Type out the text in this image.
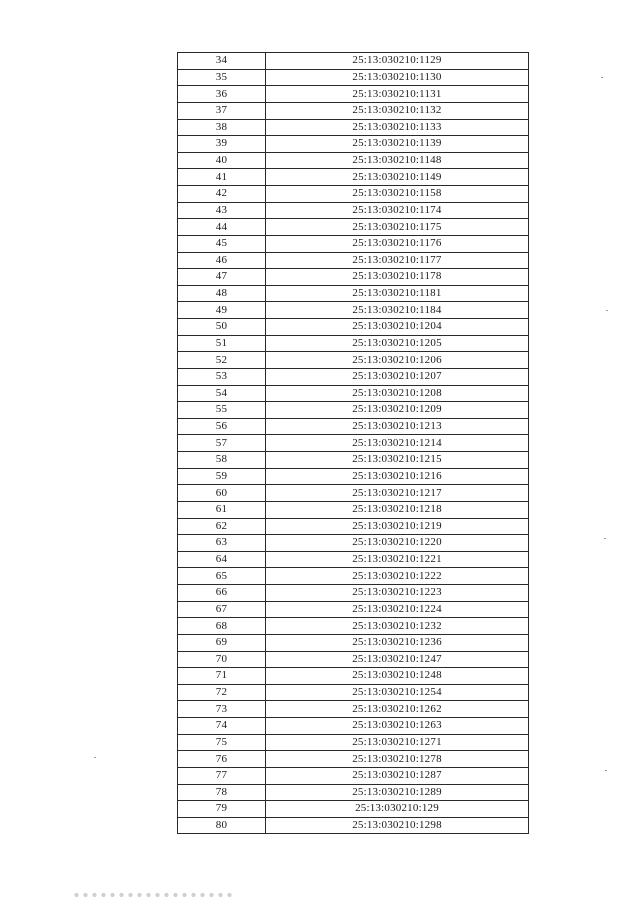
34	25:13:030210:1129
35	25:13:030210:1130
36	25:13:030210:1131
37	25:13:030210:1132
38	25:13:030210:1133
39	25:13:030210:1139
40	25:13:030210:1148
41	25:13:030210:1149
42	25:13:030210:1158
43	25:13:030210:1174
44	25:13:030210:1175
45	25:13:030210:1176
46	25:13:030210:1177
47	25:13:030210:1178
48	25:13:030210:1181
49	25:13:030210:1184
50	25:13:030210:1204
51	25:13:030210:1205
52	25:13:030210:1206
53	25:13:030210:1207
54	25:13:030210:1208
55	25:13:030210:1209
56	25:13:030210:1213
57	25:13:030210:1214
58	25:13:030210:1215
59	25:13:030210:1216
60	25:13:030210:1217
61	25:13:030210:1218
62	25:13:030210:1219
63	25:13:030210:1220
64	25:13:030210:1221
65	25:13:030210:1222
66	25:13:030210:1223
67	25:13:030210:1224
68	25:13:030210:1232
69	25:13:030210:1236
70	25:13:030210:1247
71	25:13:030210:1248
72	25:13:030210:1254
73	25:13:030210:1262
74	25:13:030210:1263
75	25:13:030210:1271
76	25:13:030210:1278
77	25:13:030210:1287
78	25:13:030210:1289
79	25:13:030210:129
80	25:13:030210:1298
